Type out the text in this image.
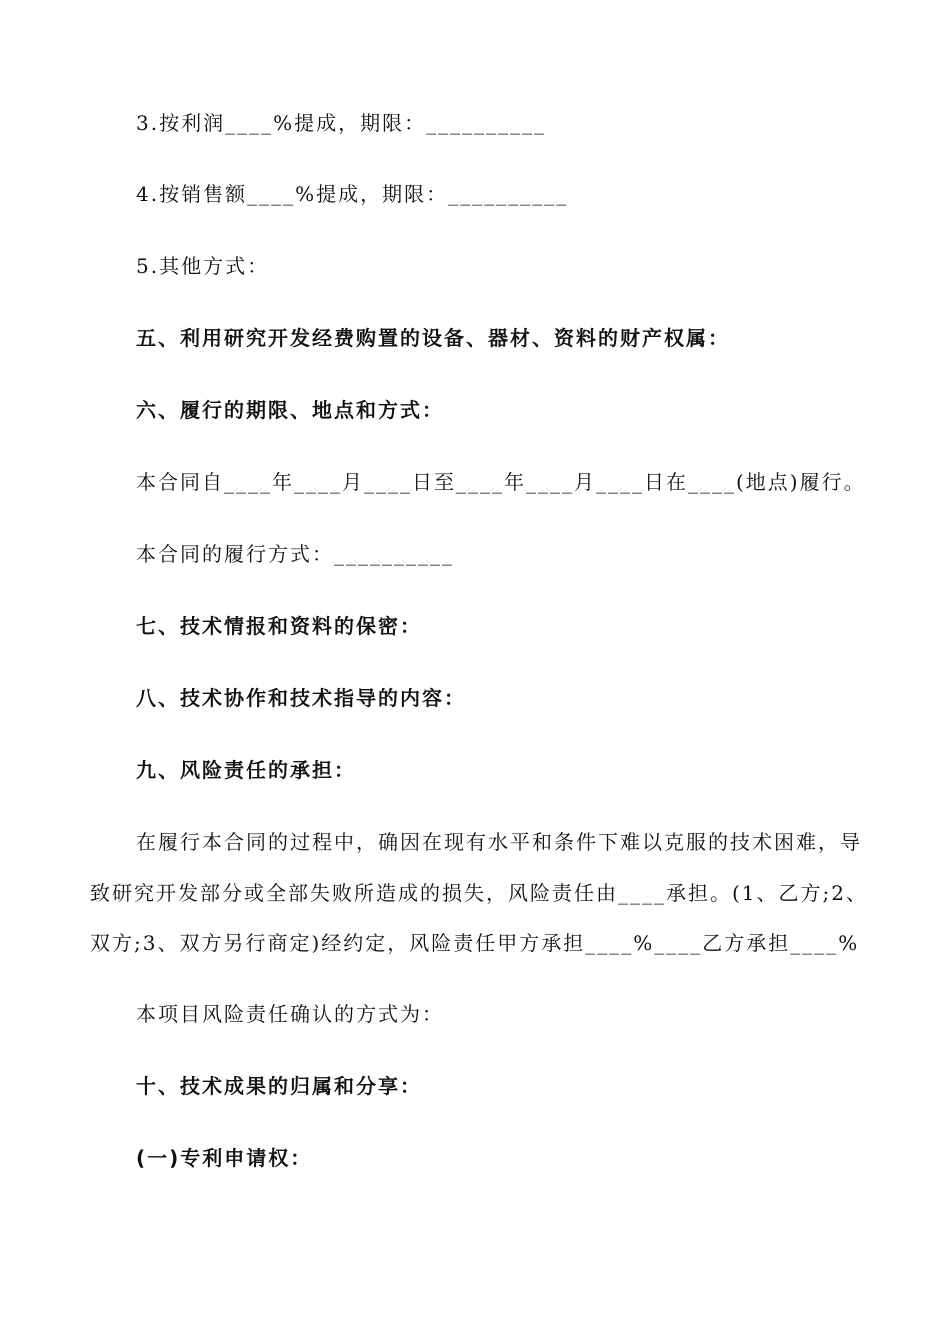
3.按利润____%提成，期限：__________
4.按销售额____%提成，期限：__________
5.其他方式：
五、利用研究开发经费购置的设备、器材、资料的财产权属：
六、履行的期限、地点和方式：
本合同自____年____月____日至____年____月____日在____(地点)履行。
本合同的履行方式：__________
七、技术情报和资料的保密：
八、技术协作和技术指导的内容：
九、风险责任的承担：
在履行本合同的过程中，确因在现有水平和条件下难以克服的技术困难，导
致研究开发部分或全部失败所造成的损失，风险责任由____承担。(1、乙方;2、
双方;3、双方另行商定)经约定，风险责任甲方承担____%____乙方承担____%
本项目风险责任确认的方式为：
十、技术成果的归属和分享：
(一)专利申请权：
